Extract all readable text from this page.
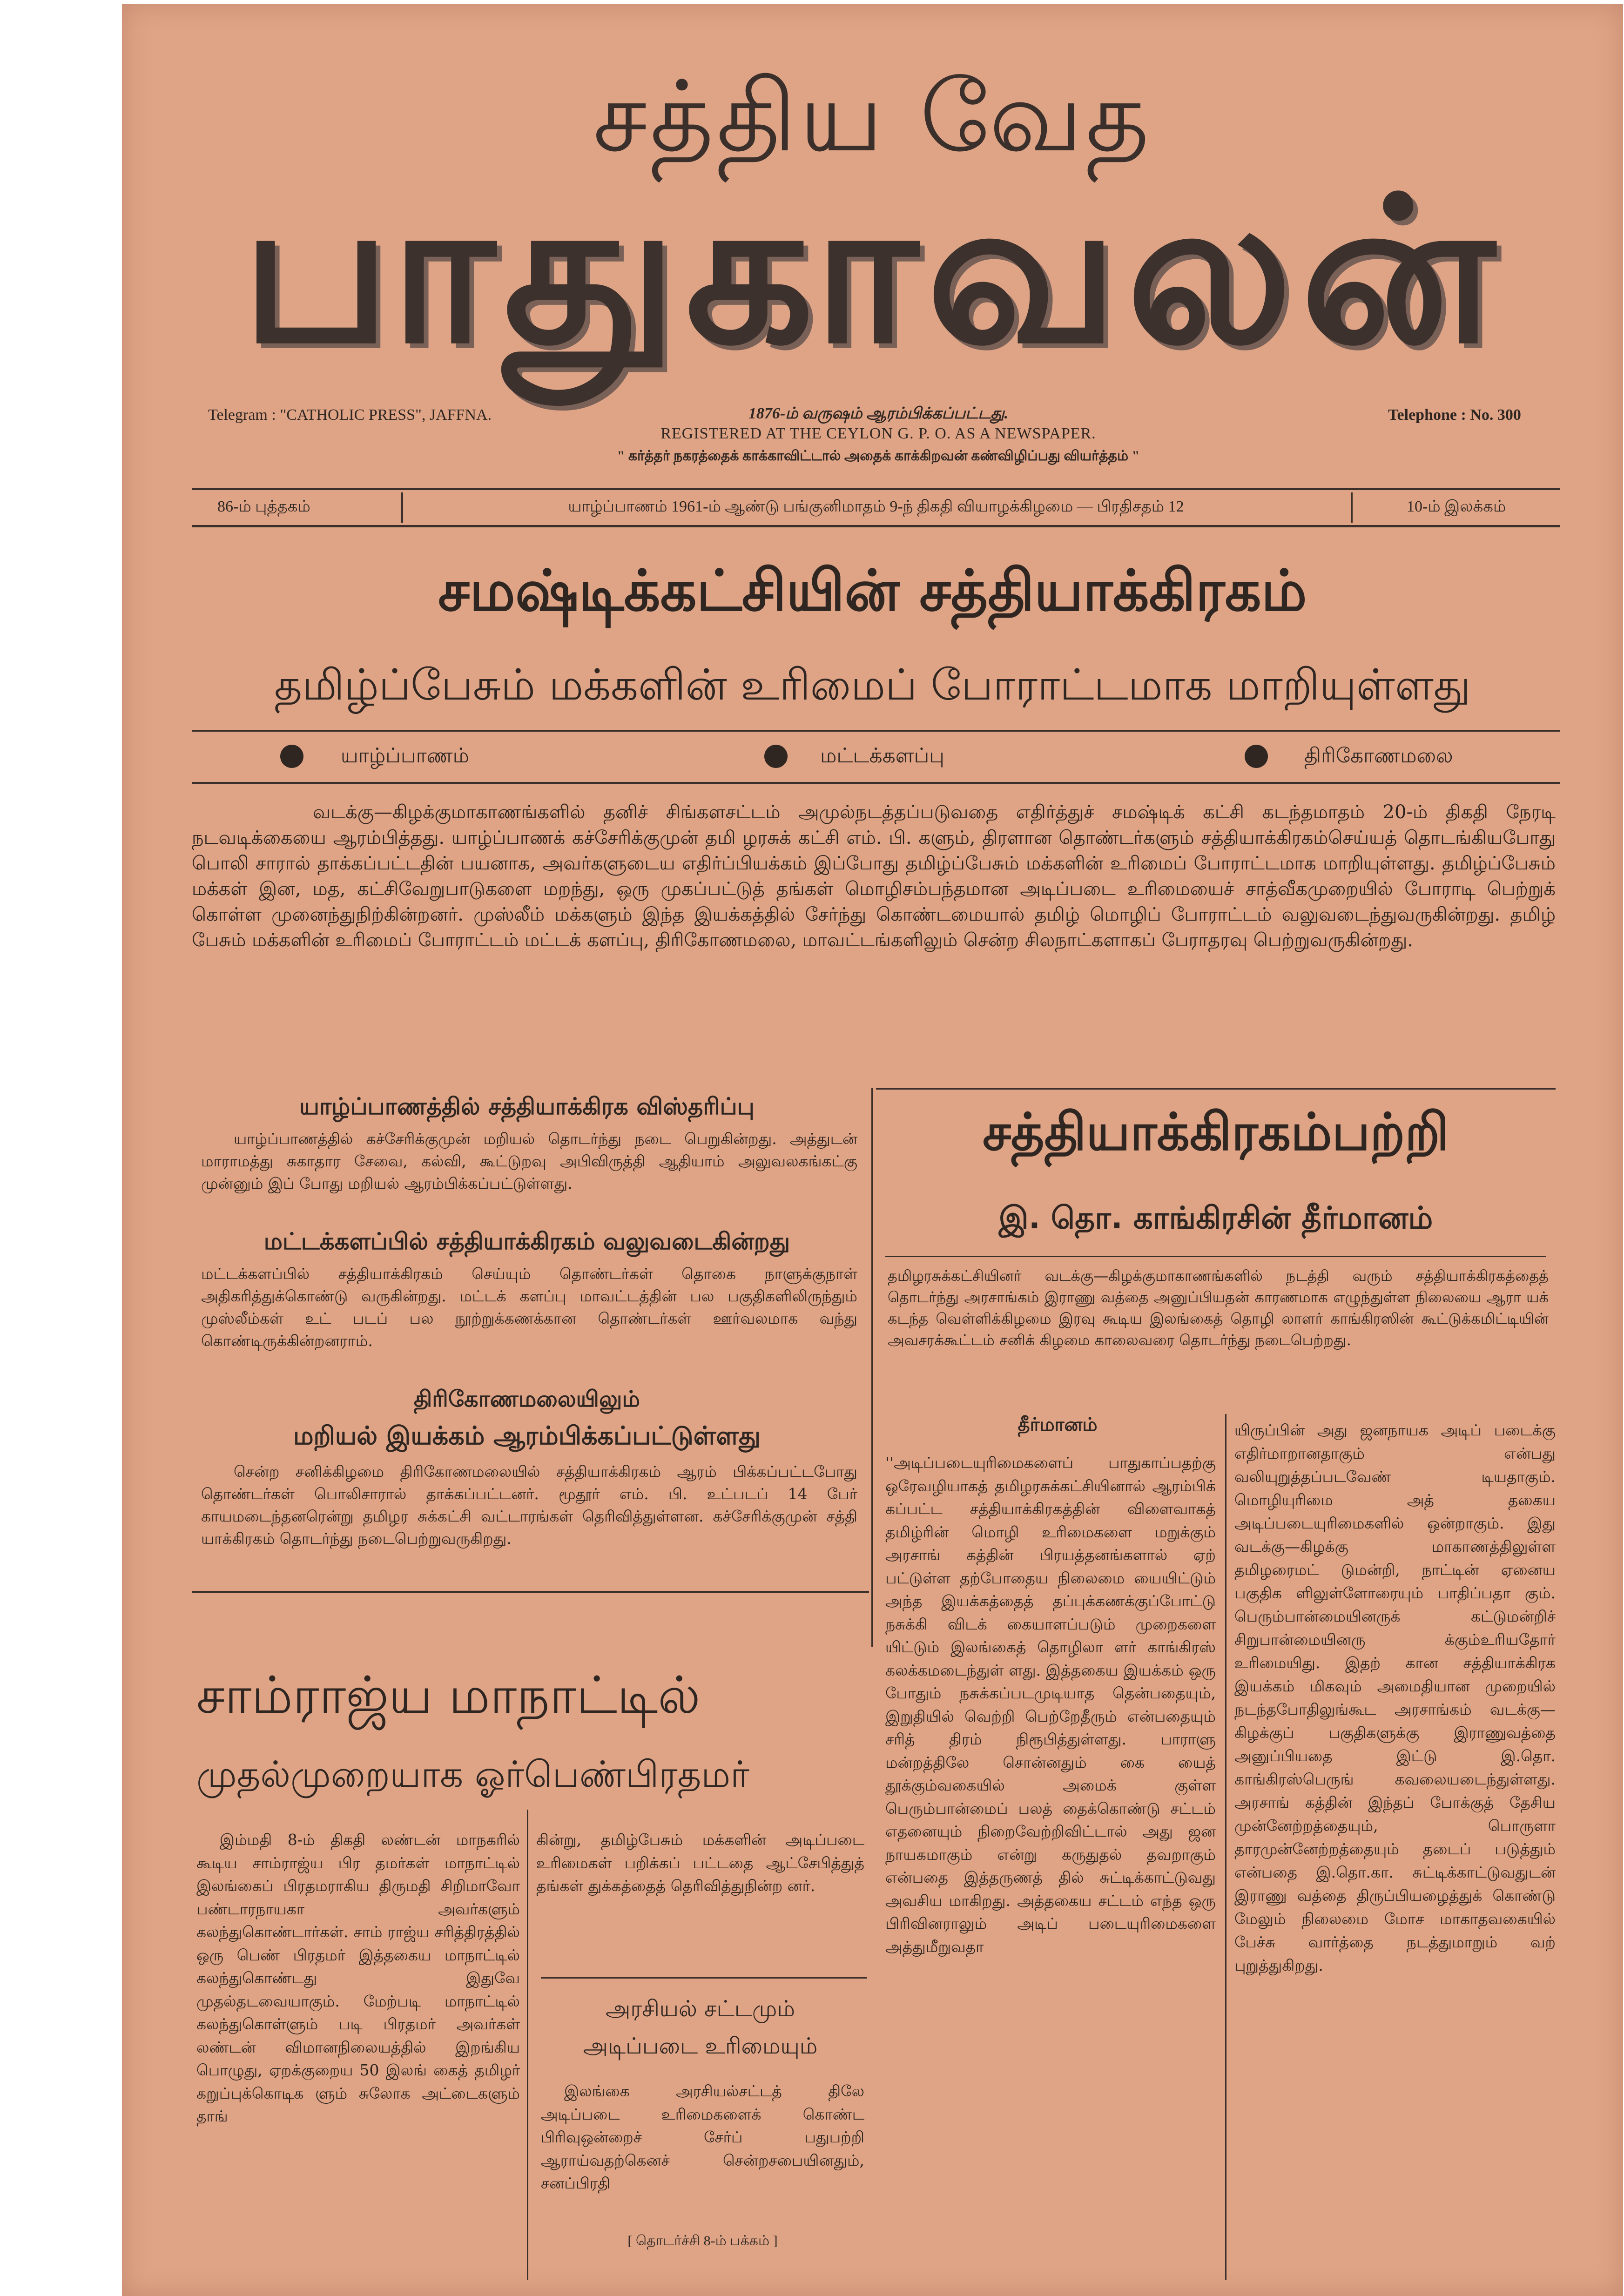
சத்திய வேத
பாதுகாவலன்
Telegram : "CATHOLIC PRESS", JAFFNA.	1876-ம் வருஷம் ஆரம்பிக்கப்பட்டது.
REGISTERED AT THE CEYLON G. P. O. AS A NEWSPAPER.
Telephone : No. 300
" கர்த்தர் நகரத்தைக் காக்காவிட்டால் அதைக் காக்கிறவன் கண்விழிப்பது வியர்த்தம் "
86-ம் புத்தகம்	யாழ்ப்பாணம் 1961-ம் ஆண்டு பங்குனிமாதம் 9-ந் திகதி வியாழக்கிழமை — பிரதிசதம் 12	10-ம் இலக்கம்
சமஷ்டிக்கட்சியின் சத்தியாக்கிரகம்
தமிழ்ப்பேசும் மக்களின் உரிமைப் போராட்டமாக மாறியுள்ளது
யாழ்ப்பாணம்	மட்டக்களப்பு	திரிகோணமலை
வடக்கு—கிழக்குமாகாணங்களில் தனிச் சிங்களசட்டம் அமுல்நடத்தப்படுவதை எதிர்த்துச் சமஷ்டிக் கட்சி கடந்தமாதம் 20-ம் திகதி நேரடி நடவடிக்கையை ஆரம்பித்தது. யாழ்ப்பாணக் கச்சேரிக்குமுன் தமி ழரசுக் கட்சி எம். பி. களும், திரளான தொண்டர்களும் சத்தியாக்கிரகம்செய்யத் தொடங்கியபோது பொலி சாரால் தாக்கப்பட்டதின் பயனாக, அவர்களுடைய எதிர்ப்பியக்கம் இப்போது தமிழ்ப்பேசும் மக்களின் உரிமைப் போராட்டமாக மாறியுள்ளது. தமிழ்ப்பேசும் மக்கள் இன, மத, கட்சிவேறுபாடுகளை மறந்து, ஒரு முகப்பட்டுத் தங்கள் மொழிசம்பந்தமான அடிப்படை உரிமையைச் சாத்வீகமுறையில் போராடி பெற்றுக் கொள்ள முனைந்துநிற்கின்றனர். முஸ்லீம் மக்களும் இந்த இயக்கத்தில் சேர்ந்து கொண்டமையால் தமிழ் மொழிப் போராட்டம் வலுவடைந்துவருகின்றது. தமிழ் பேசும் மக்களின் உரிமைப் போராட்டம் மட்டக் களப்பு, திரிகோணமலை, மாவட்டங்களிலும் சென்ற சிலநாட்களாகப் பேராதரவு பெற்றுவருகின்றது.
யாழ்ப்பாணத்தில் சத்தியாக்கிரக விஸ்தரிப்பு
யாழ்ப்பாணத்தில் கச்சேரிக்குமுன் மறியல் தொடர்ந்து நடை பெறுகின்றது. அத்துடன் மாராமத்து சுகாதார சேவை, கல்வி, கூட்டுறவு அபிவிருத்தி ஆதியாம் அலுவலகங்கட்கு முன்னும் இப் போது மறியல் ஆரம்பிக்கப்பட்டுள்ளது.
மட்டக்களப்பில் சத்தியாக்கிரகம் வலுவடைகின்றது
மட்டக்களப்பில் சத்தியாக்கிரகம் செய்யும் தொண்டர்கள் தொகை நாளுக்குநாள் அதிகரித்துக்கொண்டு வருகின்றது. மட்டக் களப்பு மாவட்டத்தின் பல பகுதிகளிலிருந்தும் முஸ்லீம்கள் உட் படப் பல நூற்றுக்கணக்கான தொண்டர்கள் ஊர்வலமாக வந்து கொண்டிருக்கின்றனராம்.
திரிகோணமலையிலும்
மறியல் இயக்கம் ஆரம்பிக்கப்பட்டுள்ளது
சென்ற சனிக்கிழமை திரிகோணமலையில் சத்தியாக்கிரகம் ஆரம் பிக்கப்பட்டபோது தொண்டர்கள் பொலிசாரால் தாக்கப்பட்டனர். மூதூர் எம். பி. உட்படப் 14 பேர் காயமடைந்தனரென்று தமிழர சுக்கட்சி வட்டாரங்கள் தெரிவித்துள்ளன. கச்சேரிக்குமுன் சத்தி யாக்கிரகம் தொடர்ந்து நடைபெற்றுவருகிறது.
சத்தியாக்கிரகம்பற்றி
இ. தொ. காங்கிரசின் தீர்மானம்
தமிழரசுக்கட்சியினர் வடக்கு—கிழக்குமாகாணங்களில் நடத்தி வரும் சத்தியாக்கிரகத்தைத் தொடர்ந்து அரசாங்கம் இராணு வத்தை அனுப்பியதன் காரணமாக எழுந்துள்ள நிலையை ஆரா யக் கடந்த வெள்ளிக்கிழமை இரவு கூடிய இலங்கைத் தொழி லாளர் காங்கிரஸின் கூட்டுக்கமிட்டியின் அவசரக்கூட்டம் சனிக் கிழமை காலைவரை தொடர்ந்து நடைபெற்றது.
தீர்மானம்
''அடிப்படையுரிமைகளைப் பாதுகாப்பதற்கு ஒரேவழியாகத் தமிழரசுக்கட்சியினால் ஆரம்பிக் கப்பட்ட சத்தியாக்கிரகத்தின் விளைவாகத் தமிழ்ரின் மொழி உரிமைகளை மறுக்கும் அரசாங் கத்தின் பிரயத்தனங்களால் ஏற் பட்டுள்ள தற்போதைய நிலைமை யையிட்டும் அந்த இயக்கத்தைத் தப்புக்கணக்குப்போட்டு நசுக்கி விடக் கையாளப்படும் முறைகளை யிட்டும் இலங்கைத் தொழிலா ளர் காங்கிரஸ் கலக்கமடைந்துள் ளது. இத்தகைய இயக்கம் ஒரு போதும் நசுக்கப்படமுடியாத தென்பதையும், இறுதியில் வெற்றி பெற்றேதீரும் என்பதையும் சரித் திரம் நிரூபித்துள்ளது. பாராளு மன்றத்திலே சொன்னதும் கை யைத் தூக்கும்வகையில் அமைக் குள்ள பெரும்பான்மைப் பலத் தைக்கொண்டு சட்டம் எதனையும் நிறைவேற்றிவிட்டால் அது ஜன நாயகமாகும் என்று கருதுதல் தவறாகும் என்பதை இத்தருணத் தில் சுட்டிக்காட்டுவது அவசிய மாகிறது. அத்தகைய சட்டம் எந்த ஒரு பிரிவினராலும் அடிப் படையுரிமைகளை அத்துமீறுவதா
யிருப்பின் அது ஜனநாயக அடிப் படைக்கு எதிர்மாறானதாகும் என்பது வலியுறுத்தப்படவேண் டியதாகும். மொழியுரிமை அத் தகைய அடிப்படையுரிமைகளில் ஒன்றாகும். இது வடக்கு—கிழக்கு மாகாணத்திலுள்ள தமிழரைமட் டுமன்றி, நாட்டின் ஏனைய பகுதிக ளிலுள்ளோரையும் பாதிப்பதா கும். பெரும்பான்மையினருக் கட்டுமன்றிச் சிறுபான்மையினரு க்கும்உரியதோர் உரிமையிது. இதற் கான சத்தியாக்கிரக இயக்கம் மிகவும் அமைதியான முறையில் நடந்தபோதிலுங்கூட அரசாங்கம் வடக்கு—கிழக்குப் பகுதிகளுக்கு இராணுவத்தை அனுப்பியதை இட்டு இ.தொ. காங்கிரஸ்பெருங் கவலையடைந்துள்ளது. அரசாங் கத்தின் இந்தப் போக்குத் தேசிய முன்னேற்றத்தையும், பொருளா தாரமுன்னேற்றத்தையும் தடைப் படுத்தும் என்பதை இ.தொ.கா. சுட்டிக்காட்டுவதுடன் இராணு வத்தை திருப்பியழைத்துக் கொண்டு மேலும் நிலைமை மோச மாகாதவகையில் பேச்சு வார்த்தை நடத்துமாறும் வற் புறுத்துகிறது.
சாம்ராஜ்ய மாநாட்டில்
முதல்முறையாக ஓர்பெண்பிரதமர்
இம்மதி 8-ம் திகதி லண்டன் மாநகரில் கூடிய சாம்ராஜ்ய பிர தமர்கள் மாநாட்டில் இலங்கைப் பிரதமராகிய திருமதி சிறிமாவோ பண்டாரநாயகா அவர்களும் கலந்துகொண்டார்கள். சாம் ராஜ்ய சரித்திரத்தில் ஒரு பெண் பிரதமர் இத்தகைய மாநாட்டில் கலந்துகொண்டது இதுவே முதல்தடவையாகும். மேற்படி மாநாட்டில் கலந்துகொள்ளும் படி பிரதமர் அவர்கள் லண்டன் விமானநிலையத்தில் இறங்கிய பொழுது, ஏறக்குறைய 50 இலங் கைத் தமிழர் கறுப்புக்கொடிக ளும் சுலோக அட்டைகளும் தாங்
கின்று, தமிழ்பேசும் மக்களின் அடிப்படை உரிமைகள் பறிக்கப் பட்டதை ஆட்சேபித்துத் தங்கள் துக்கத்தைத் தெரிவித்துநின்ற னர்.
அரசியல் சட்டமும்
அடிப்படை உரிமையும்
இலங்கை அரசியல்சட்டத் திலே அடிப்படை உரிமைகளைக் கொண்ட பிரிவுஒன்றைச் சேர்ப் பதுபற்றி ஆராய்வதற்கெனச் சென்றசபையினதும், சனப்பிரதி
[ தொடர்ச்சி 8-ம் பக்கம் ]
